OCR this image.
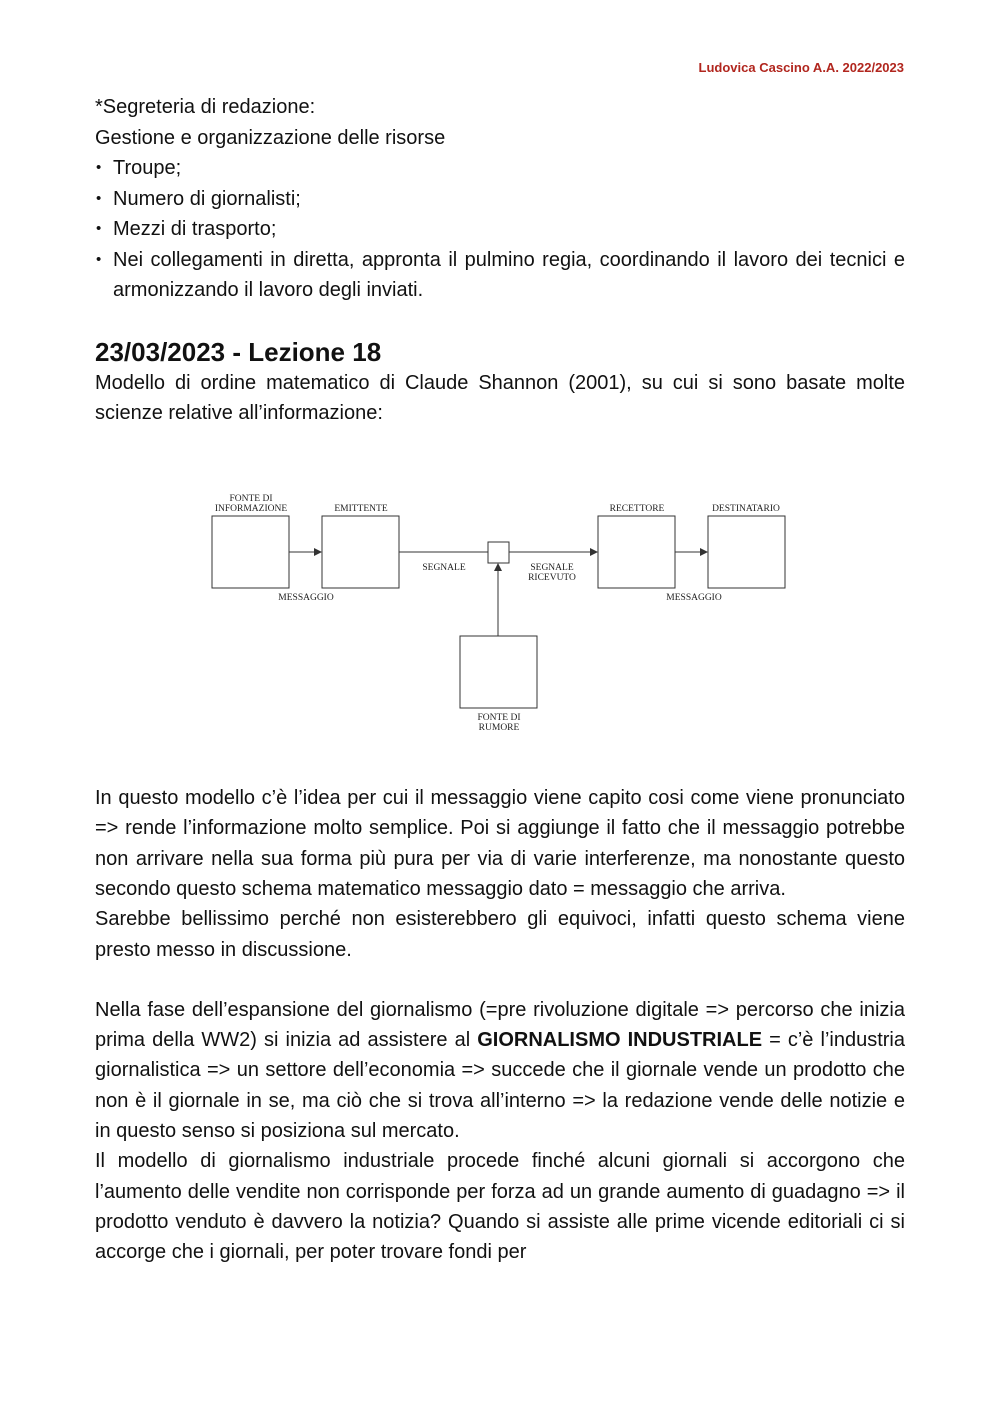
Ludovica Cascino A.A. 2022/2023
*Segreteria di redazione:
Gestione e organizzazione delle risorse
• Troupe;
• Numero di giornalisti;
• Mezzi di trasporto;
• Nei collegamenti in diretta, approntа il pulmino regia, coordinando il lavoro dei tecnici e armonizzando il lavoro degli inviati.
23/03/2023 - Lezione 18

Modello di ordine matematico di Claude Shannon (2001), su cui si sono basate molte scienze relative all’informazione:

FONTE DI
INFORMAZIONE	EMITTENTE	RECETTORE	DESTINATARIO
SEGNALE	SEGNALE
RICEVUTO
MESSAGGIO	MESSAGGIO
FONTE DI
RUMORE

In questo modello c’è l’idea per cui il messaggio viene capito cosi come viene pronunciato => rende l’informazione molto semplice. Poi si aggiunge il fatto che il messaggio potrebbe non arrivare nella sua forma più pura per via di varie interferenze, ma nonostante questo secondo questo schema matematico messaggio dato = messaggio che arriva.

Sarebbe bellissimo perché non esisterebbero gli equivoci, infatti questo schema viene presto messo in discussione.

Nella fase dell’espansione del giornalismo (=pre rivoluzione digitale => percorso che inizia prima della WW2) si inizia ad assistere al GIORNALISMO INDUSTRIALE = c’è l’industria giornalistica => un settore dell’economia => succede che il giornale vende un prodotto che non è il giornale in se, ma ciò che si trova all’interno => la redazione vende delle notizie e in questo senso si posiziona sul mercato.

Il modello di giornalismo industriale procede finché alcuni giornali si accorgono che l’aumento delle vendite non corrisponde per forza ad un grande aumento di guadagno => il prodotto venduto è davvero la notizia? Quando si assiste alle prime vicende editoriali ci si accorge che i giornali, per poter trovare fondi per
